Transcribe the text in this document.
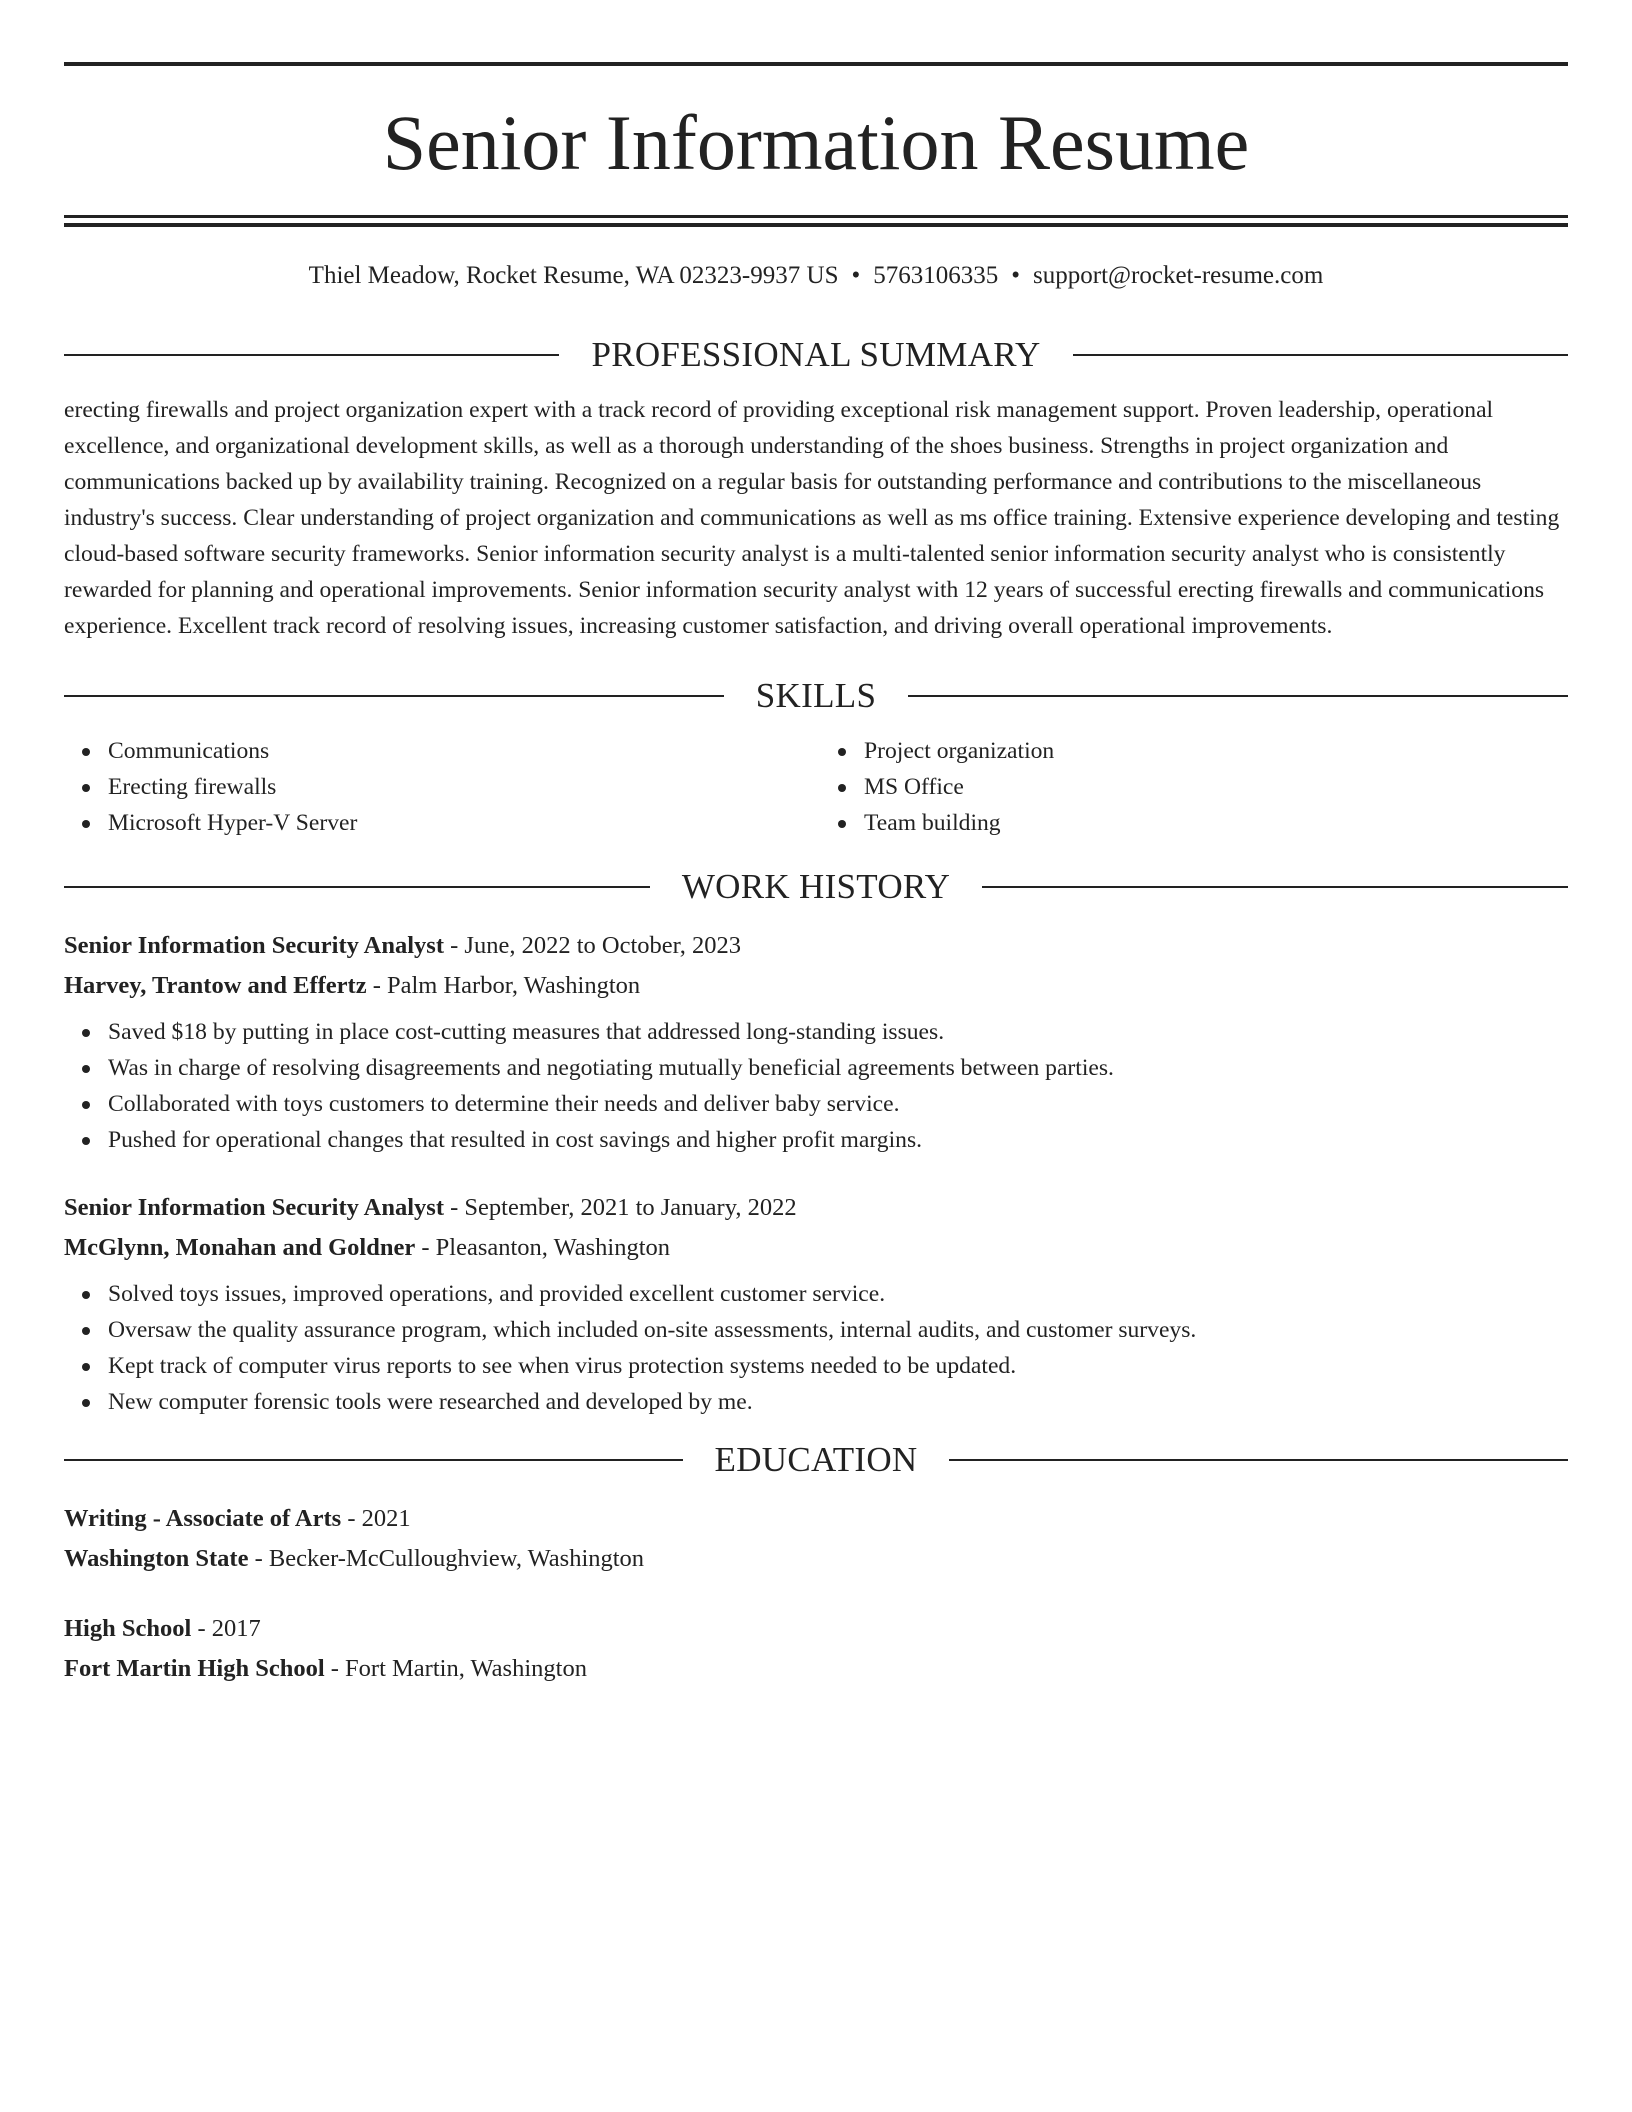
Senior Information Resume
Thiel Meadow, Rocket Resume, WA 02323-9937 US • 5763106335 • support@rocket-resume.com
PROFESSIONAL SUMMARY

erecting firewalls and project organization expert with a track record of providing exceptional risk management support. Proven leadership, operational excellence, and organizational development skills, as well as a thorough understanding of the shoes business. Strengths in project organization and communications backed up by availability training. Recognized on a regular basis for outstanding performance and contributions to the miscellaneous industry's success. Clear understanding of project organization and communications as well as ms office training. Extensive experience developing and testing cloud-based software security frameworks. Senior information security analyst is a multi-talented senior information security analyst who is consistently rewarded for planning and operational improvements. Senior information security analyst with 12 years of successful erecting firewalls and communications experience. Excellent track record of resolving issues, increasing customer satisfaction, and driving overall operational improvements.

SKILLS
Communications
Erecting firewalls
Microsoft Hyper-V Server
Project organization
MS Office
Team building
WORK HISTORY
Senior Information Security Analyst - June, 2022 to October, 2023
Harvey, Trantow and Effertz - Palm Harbor, Washington
Saved $18 by putting in place cost-cutting measures that addressed long-standing issues.
Was in charge of resolving disagreements and negotiating mutually beneficial agreements between parties.
Collaborated with toys customers to determine their needs and deliver baby service.
Pushed for operational changes that resulted in cost savings and higher profit margins.
Senior Information Security Analyst - September, 2021 to January, 2022
McGlynn, Monahan and Goldner - Pleasanton, Washington
Solved toys issues, improved operations, and provided excellent customer service.
Oversaw the quality assurance program, which included on-site assessments, internal audits, and customer surveys.
Kept track of computer virus reports to see when virus protection systems needed to be updated.
New computer forensic tools were researched and developed by me.
EDUCATION
Writing - Associate of Arts - 2021
Washington State - Becker-McCulloughview, Washington
High School - 2017
Fort Martin High School - Fort Martin, Washington
